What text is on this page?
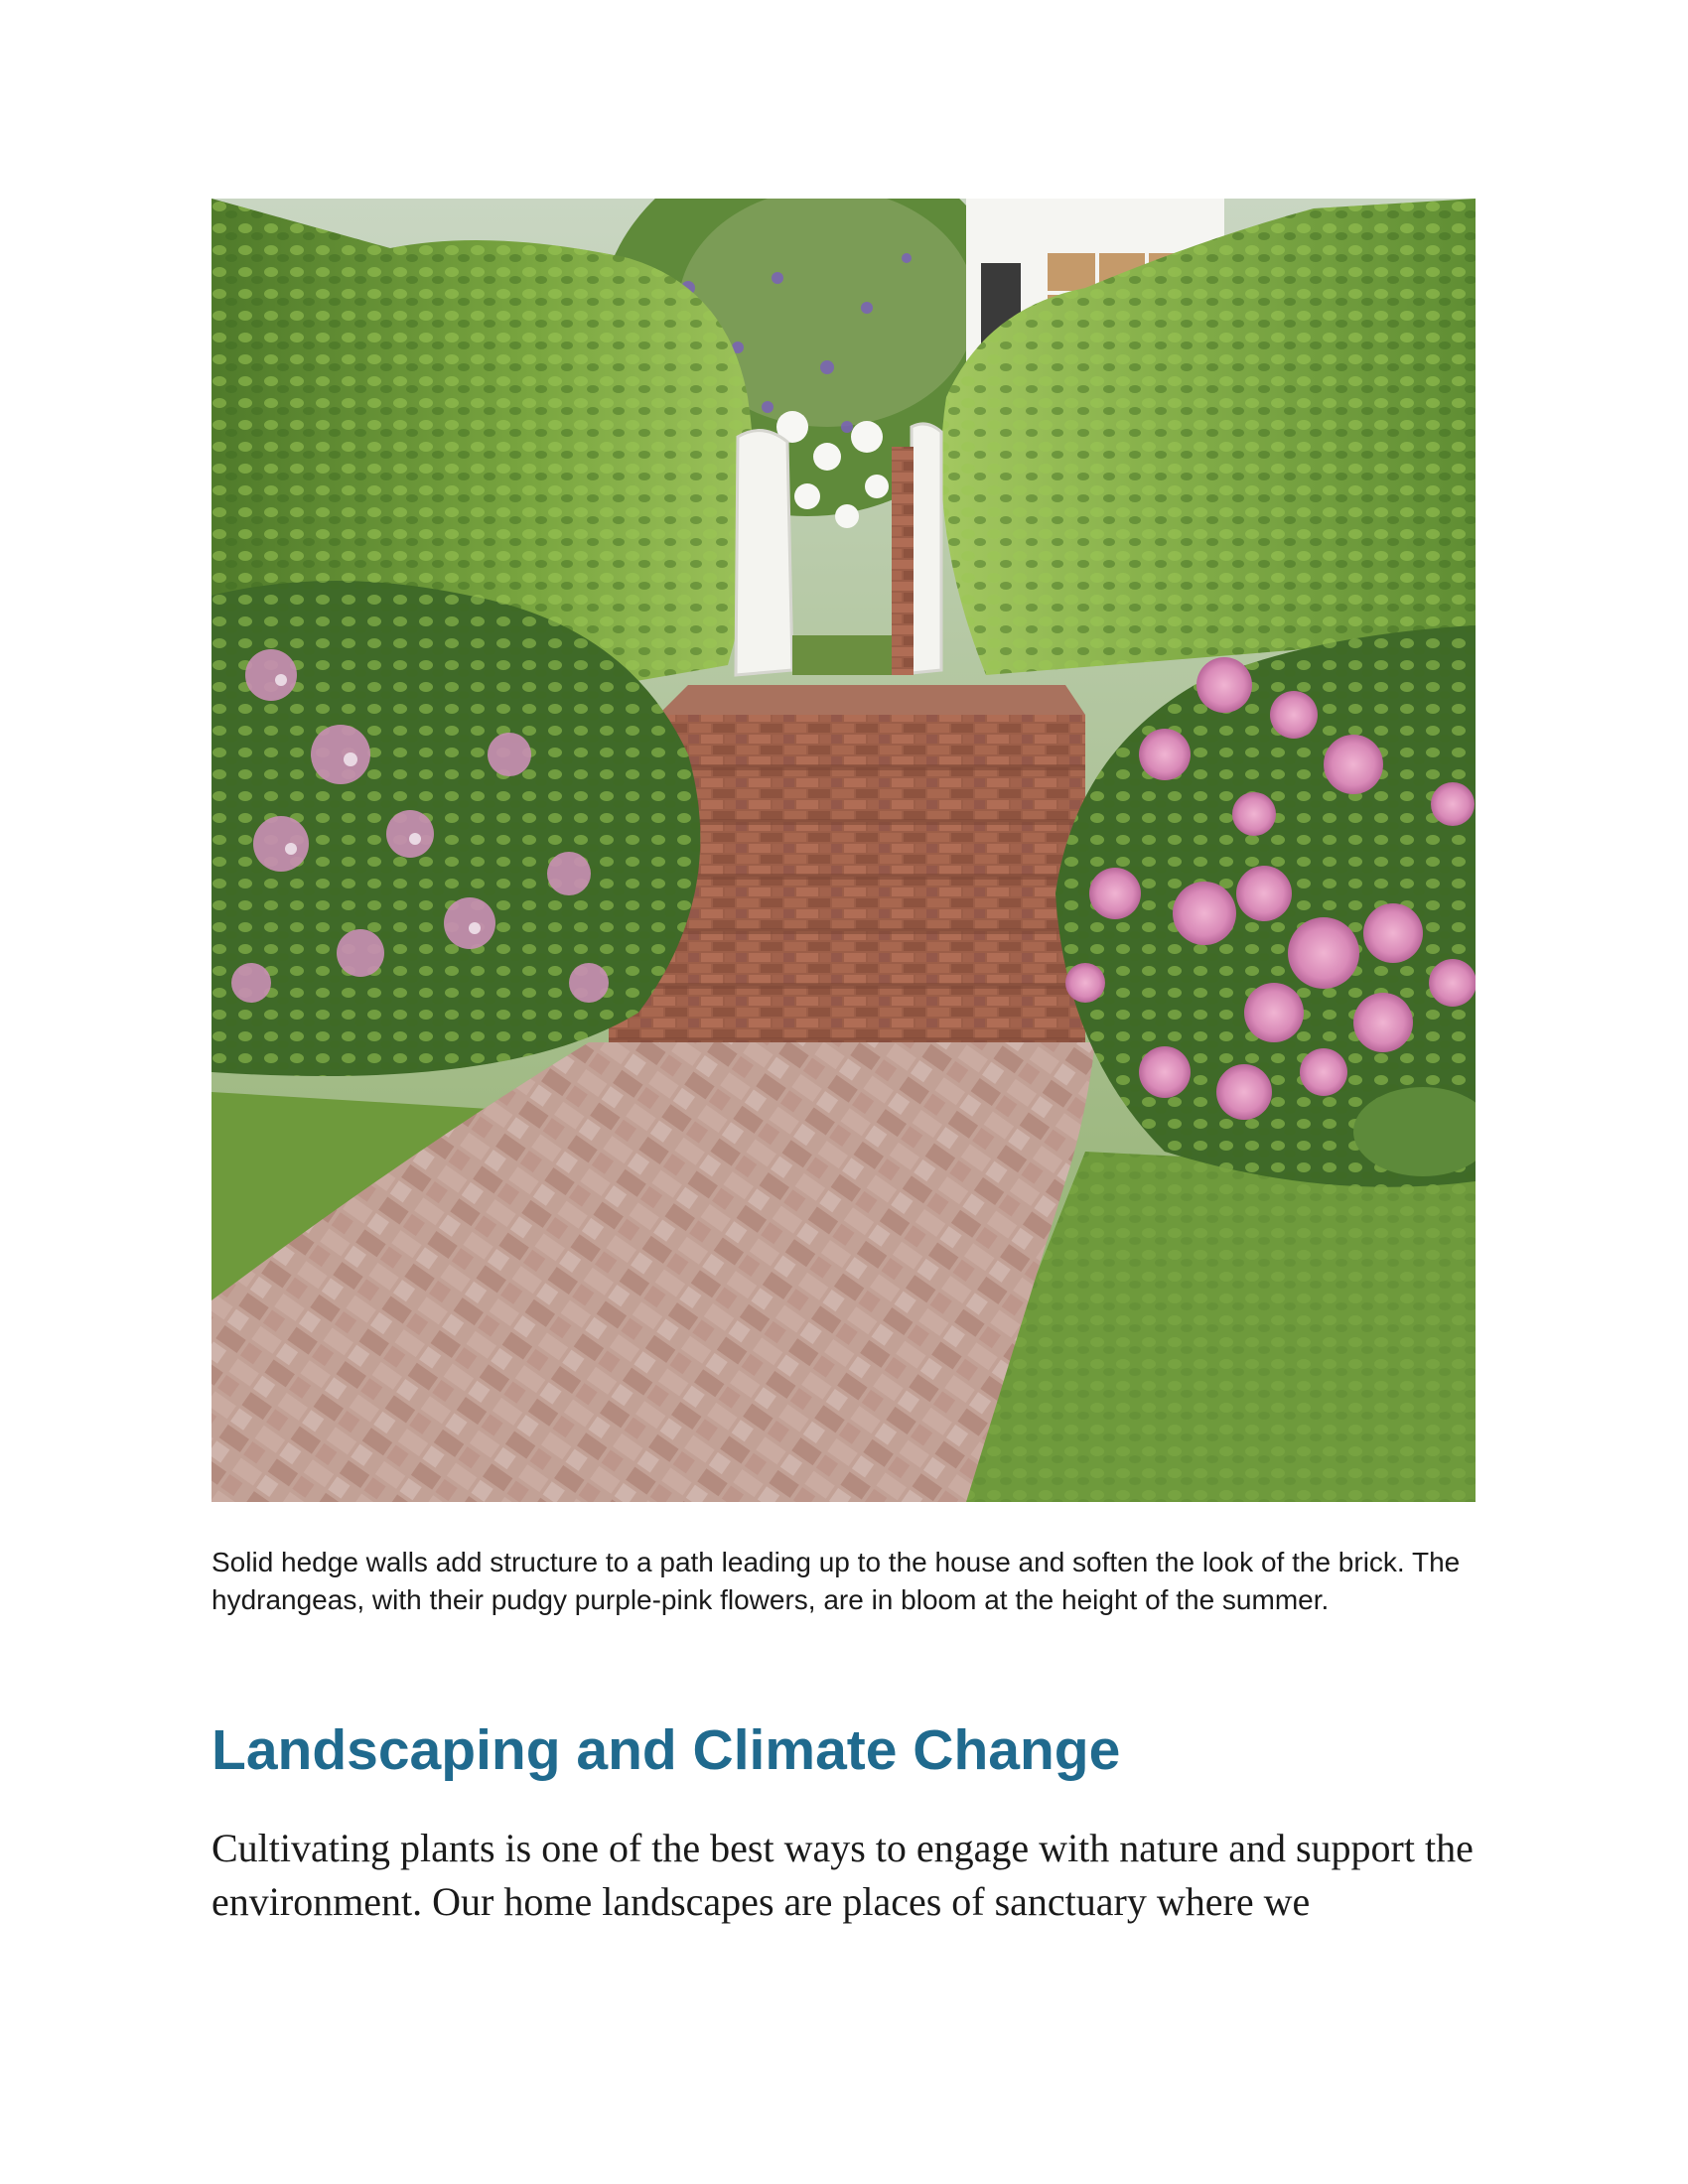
Solid hedge walls add structure to a path leading up to the house and soften the look of the brick. The hydrangeas, with their pudgy purple-pink flowers, are in bloom at the height of the summer.

Landscaping and Climate Change

Cultivating plants is one of the best ways to engage with nature and support the environment. Our home landscapes are places of sanctuary where we
